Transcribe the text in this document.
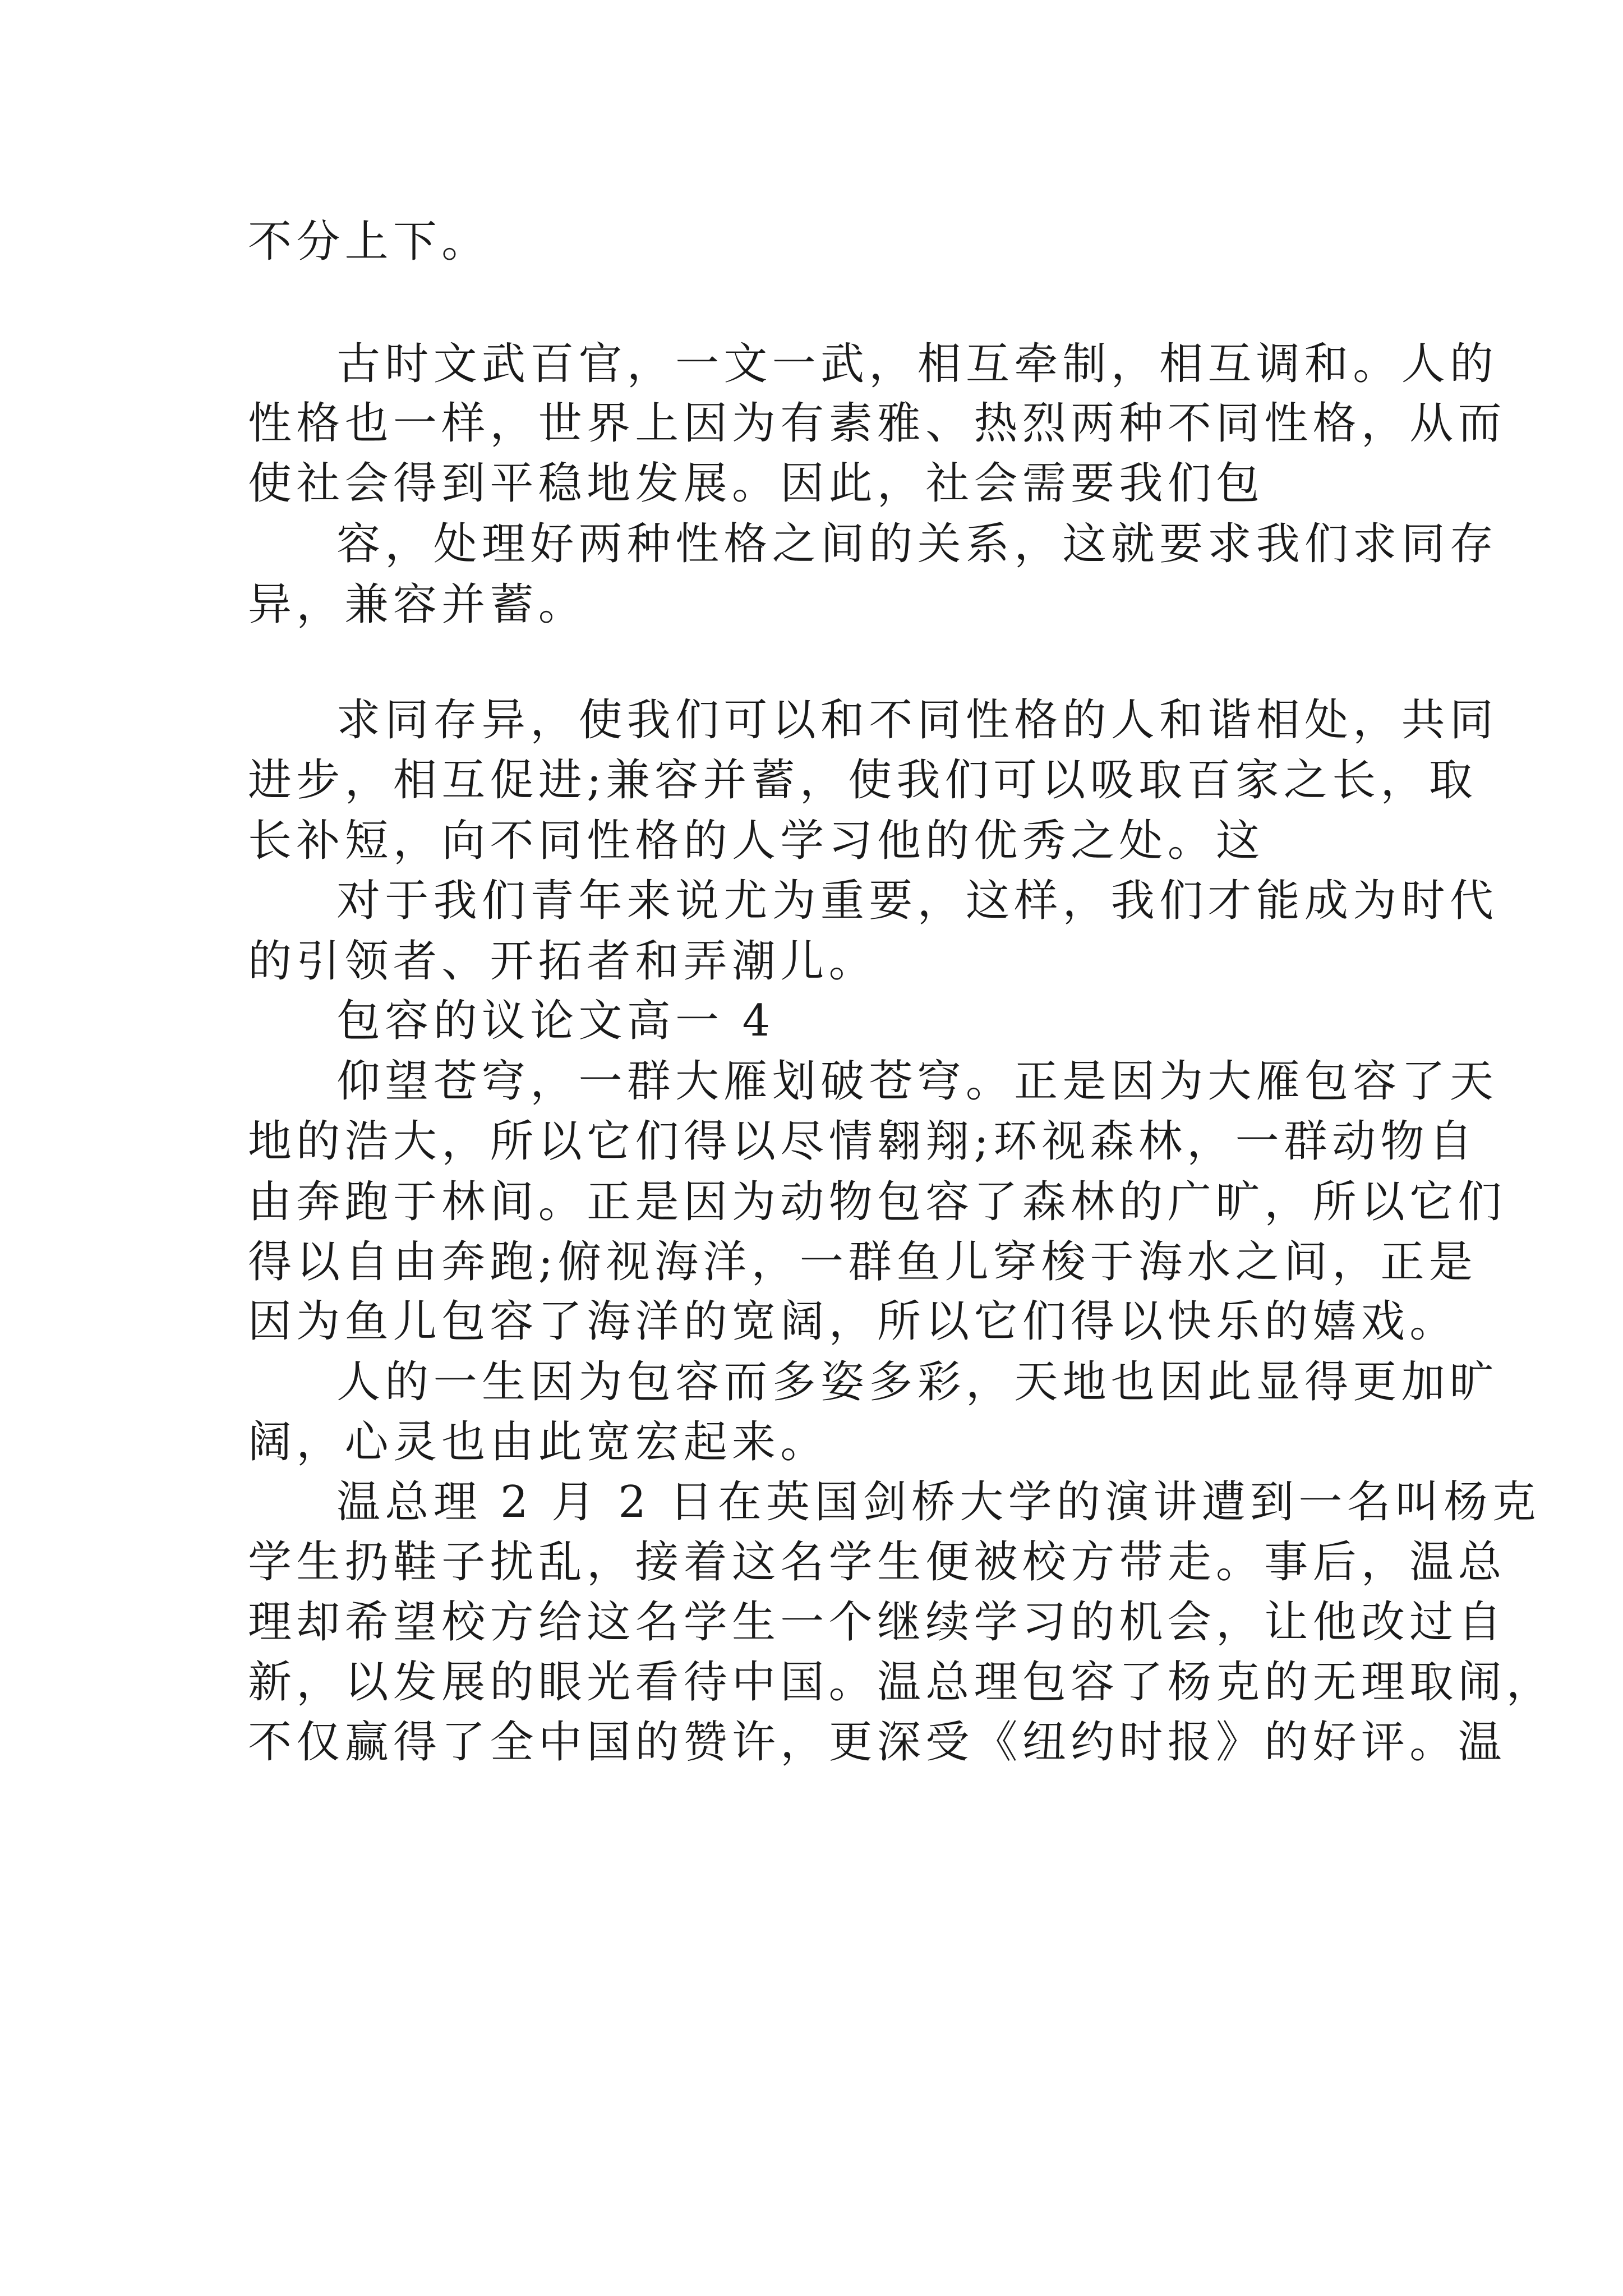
不分上下。
古时文武百官，一文一武，相互牵制，相互调和。人的
性格也一样，世界上因为有素雅、热烈两种不同性格，从而
使社会得到平稳地发展。因此，社会需要我们包
容，处理好两种性格之间的关系，这就要求我们求同存
异，兼容并蓄。
求同存异，使我们可以和不同性格的人和谐相处，共同
进步，相互促进;兼容并蓄，使我们可以吸取百家之长，取
长补短，向不同性格的人学习他的优秀之处。这
对于我们青年来说尤为重要，这样，我们才能成为时代
的引领者、开拓者和弄潮儿。
包容的议论文高一 4
仰望苍穹，一群大雁划破苍穹。正是因为大雁包容了天
地的浩大，所以它们得以尽情翱翔;环视森林，一群动物自
由奔跑于林间。正是因为动物包容了森林的广旷，所以它们
得以自由奔跑;俯视海洋，一群鱼儿穿梭于海水之间，正是
因为鱼儿包容了海洋的宽阔，所以它们得以快乐的嬉戏。
人的一生因为包容而多姿多彩，天地也因此显得更加旷
阔，心灵也由此宽宏起来。
温总理 2 月 2 日在英国剑桥大学的演讲遭到一名叫杨克
学生扔鞋子扰乱，接着这名学生便被校方带走。事后，温总
理却希望校方给这名学生一个继续学习的机会，让他改过自
新，以发展的眼光看待中国。温总理包容了杨克的无理取闹，
不仅赢得了全中国的赞许，更深受《纽约时报》的好评。温
